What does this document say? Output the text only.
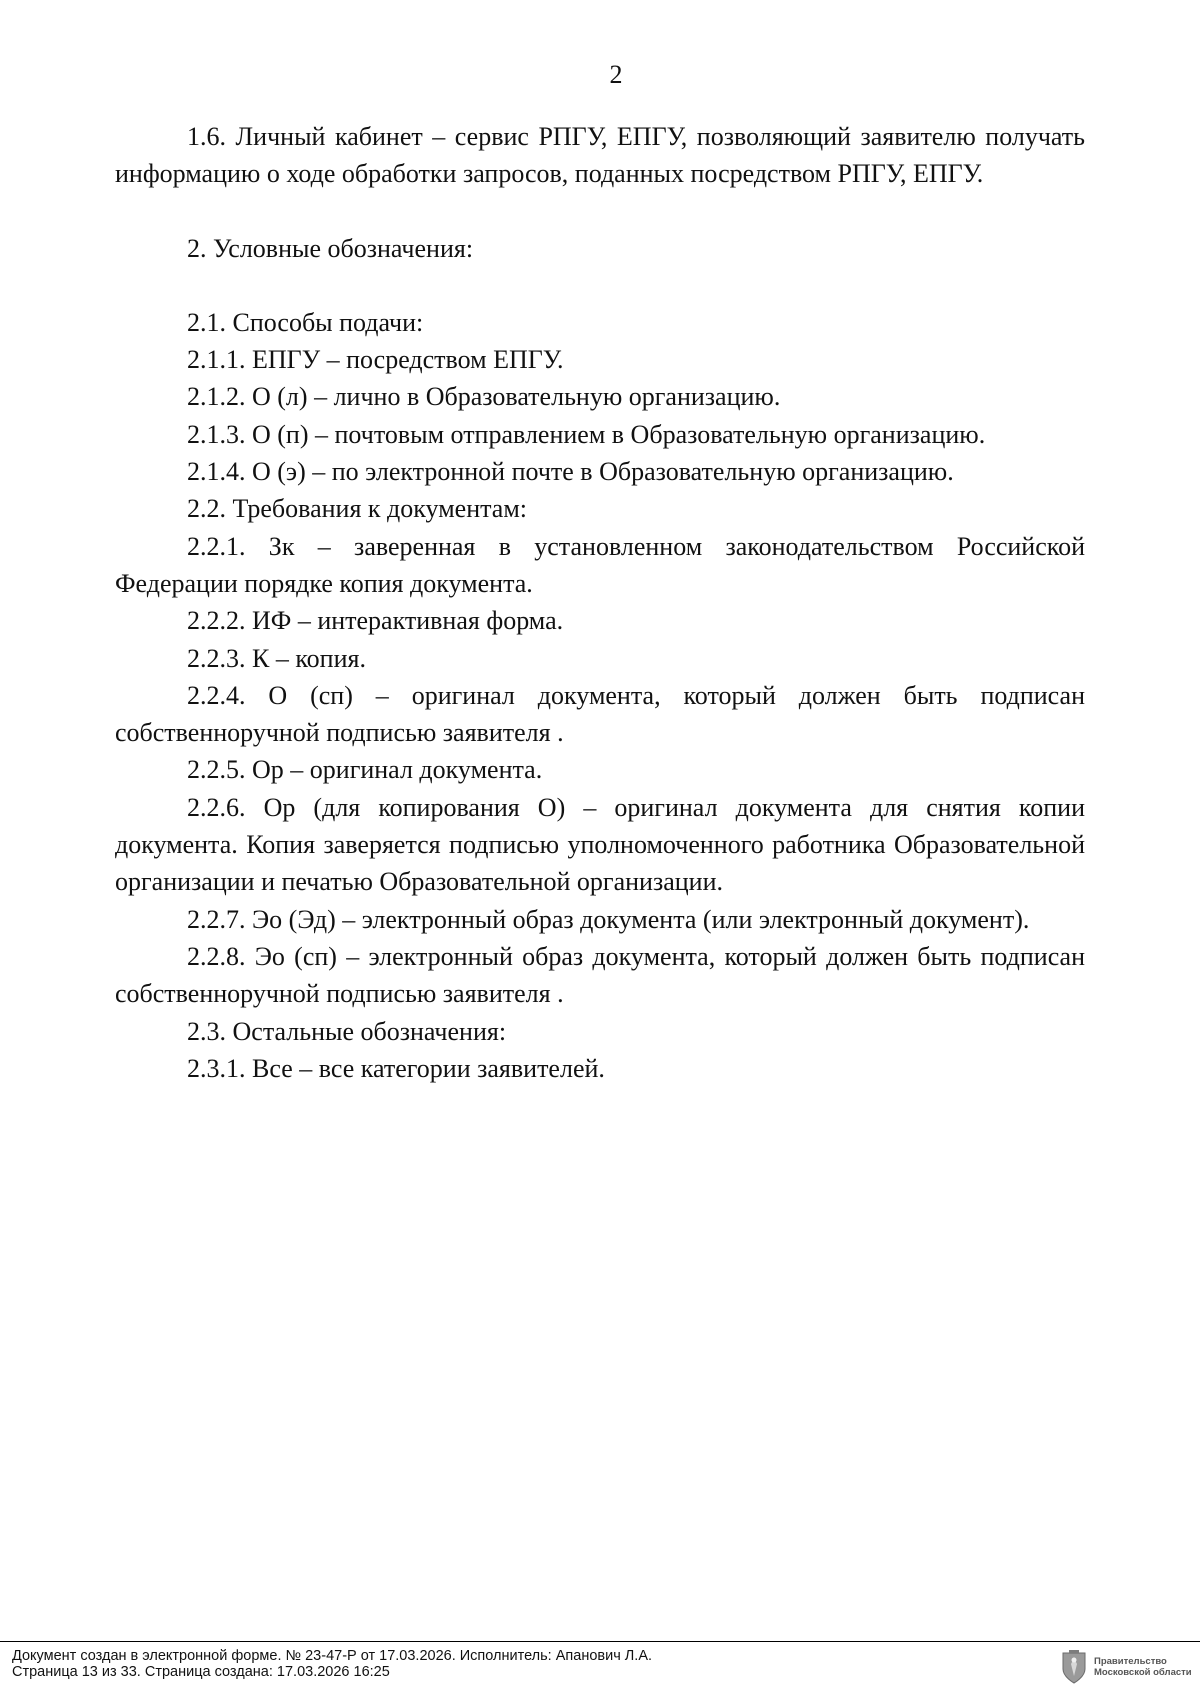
2

1.6. Личный кабинет – сервис РПГУ, ЕПГУ, позволяющий заявителю получать информацию о ходе обработки запросов, поданных посредством РПГУ, ЕПГУ.

2. Условные обозначения:

2.1. Способы подачи:

2.1.1. ЕПГУ – посредством ЕПГУ.

2.1.2. О (л) – лично в Образовательную организацию.

2.1.3. О (п) – почтовым отправлением в Образовательную организацию.

2.1.4. О (э) – по электронной почте в Образовательную организацию.

2.2. Требования к документам:

2.2.1. Зк – заверенная в установленном законодательством Российской Федерации порядке копия документа.

2.2.2. ИФ – интерактивная форма.

2.2.3. К – копия.

2.2.4. О (сп) – оригинал документа, который должен быть подписан собственноручной подписью заявителя .

2.2.5. Ор – оригинал документа.

2.2.6. Ор (для копирования О) – оригинал документа для снятия копии документа. Копия заверяется подписью уполномоченного работника Образовательной организации и печатью Образовательной организации.

2.2.7. Эо (Эд) – электронный образ документа (или электронный документ).

2.2.8. Эо (сп) – электронный образ документа, который должен быть подписан собственноручной подписью заявителя .

2.3. Остальные обозначения:

2.3.1. Все – все категории заявителей.

Документ создан в электронной форме. № 23-47-Р от 17.03.2026. Исполнитель: Апанович Л.А.
Страница 13 из 33. Страница создана: 17.03.2026 16:25
Правительство
Московской области
